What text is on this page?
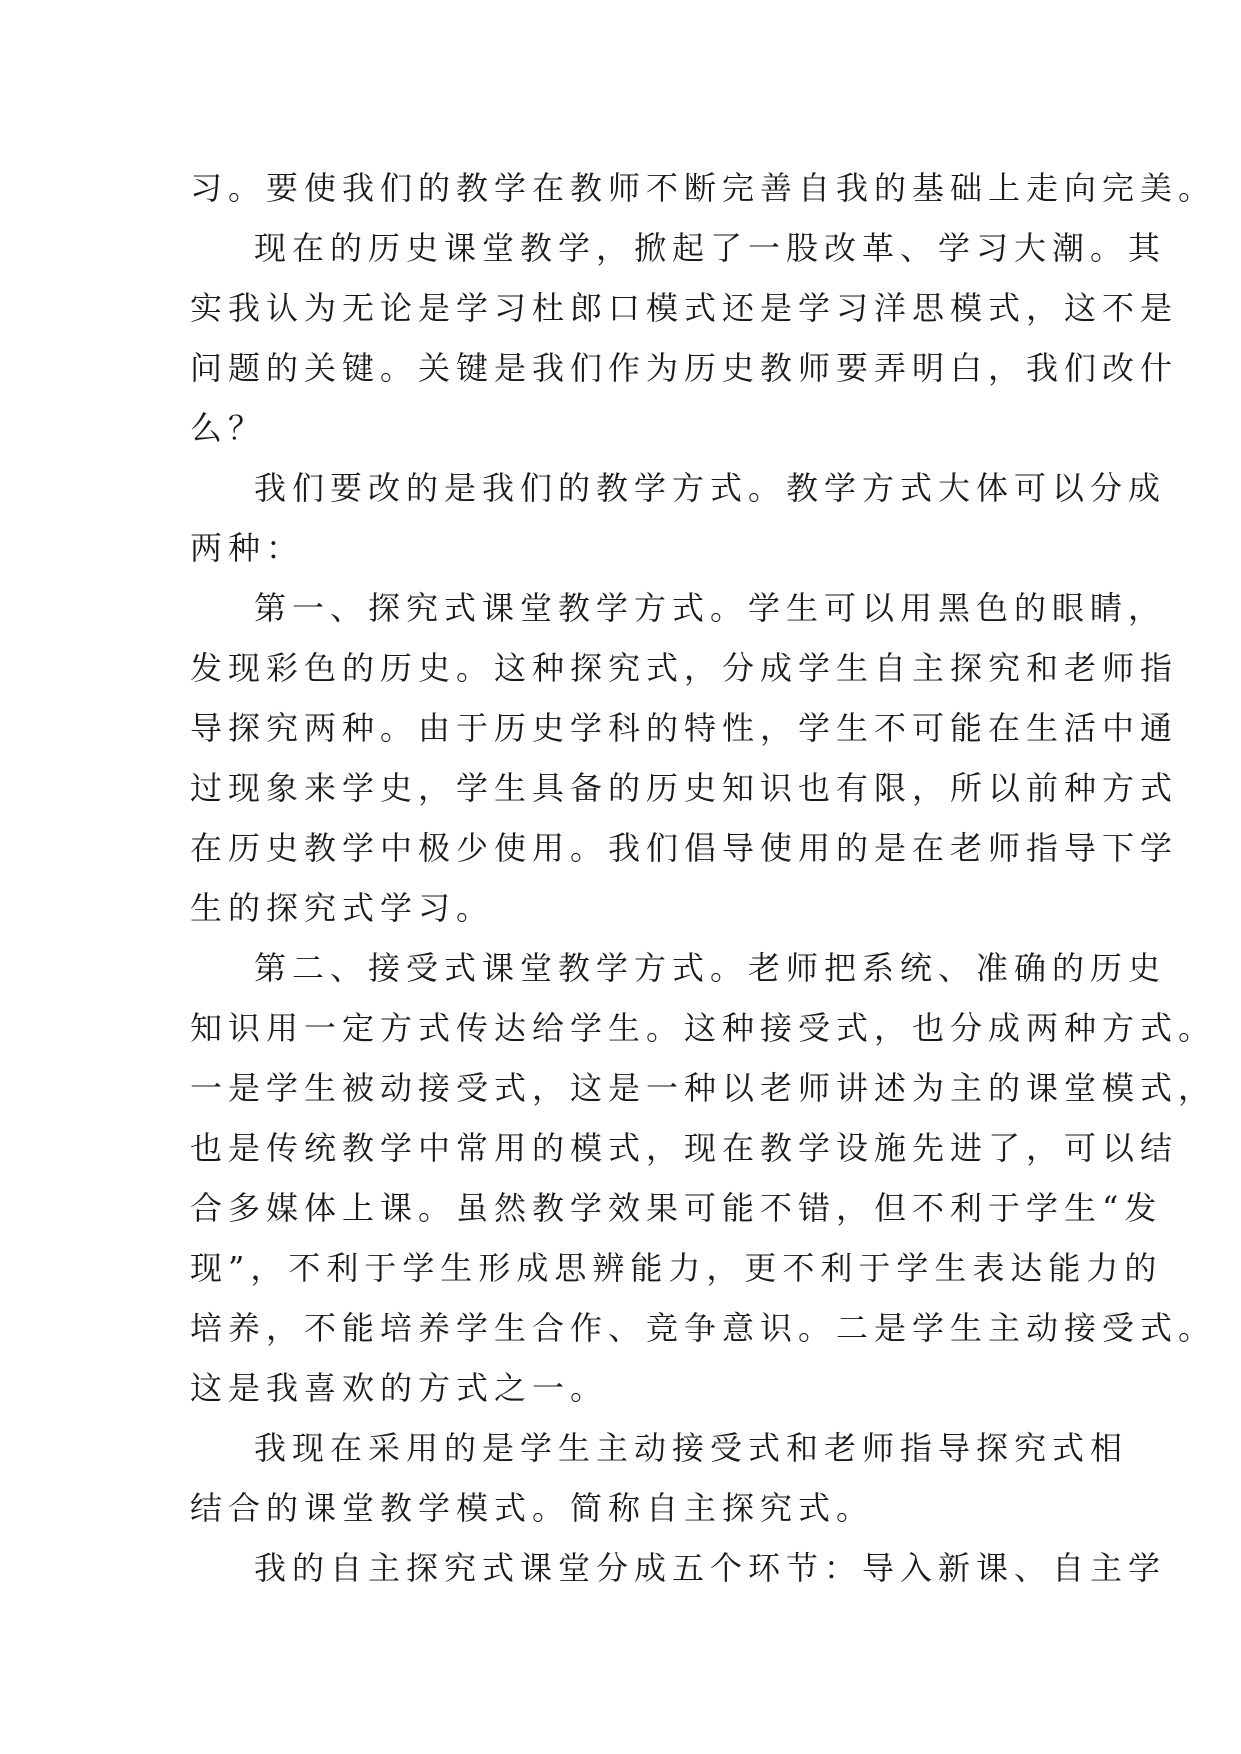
习。要使我们的教学在教师不断完善自我的基础上走向完美。
现在的历史课堂教学，掀起了一股改革、学习大潮。其
实我认为无论是学习杜郎口模式还是学习洋思模式，这不是
问题的关键。关键是我们作为历史教师要弄明白，我们改什
么？
我们要改的是我们的教学方式。教学方式大体可以分成
两种：
第一、探究式课堂教学方式。学生可以用黑色的眼睛，
发现彩色的历史。这种探究式，分成学生自主探究和老师指
导探究两种。由于历史学科的特性，学生不可能在生活中通
过现象来学史，学生具备的历史知识也有限，所以前种方式
在历史教学中极少使用。我们倡导使用的是在老师指导下学
生的探究式学习。
第二、接受式课堂教学方式。老师把系统、准确的历史
知识用一定方式传达给学生。这种接受式，也分成两种方式。
一是学生被动接受式，这是一种以老师讲述为主的课堂模式，
也是传统教学中常用的模式，现在教学设施先进了，可以结
合多媒体上课。虽然教学效果可能不错，但不利于学生“发
现”，不利于学生形成思辨能力，更不利于学生表达能力的
培养，不能培养学生合作、竞争意识。二是学生主动接受式。
这是我喜欢的方式之一。
我现在采用的是学生主动接受式和老师指导探究式相
结合的课堂教学模式。简称自主探究式。
我的自主探究式课堂分成五个环节：导入新课、自主学
